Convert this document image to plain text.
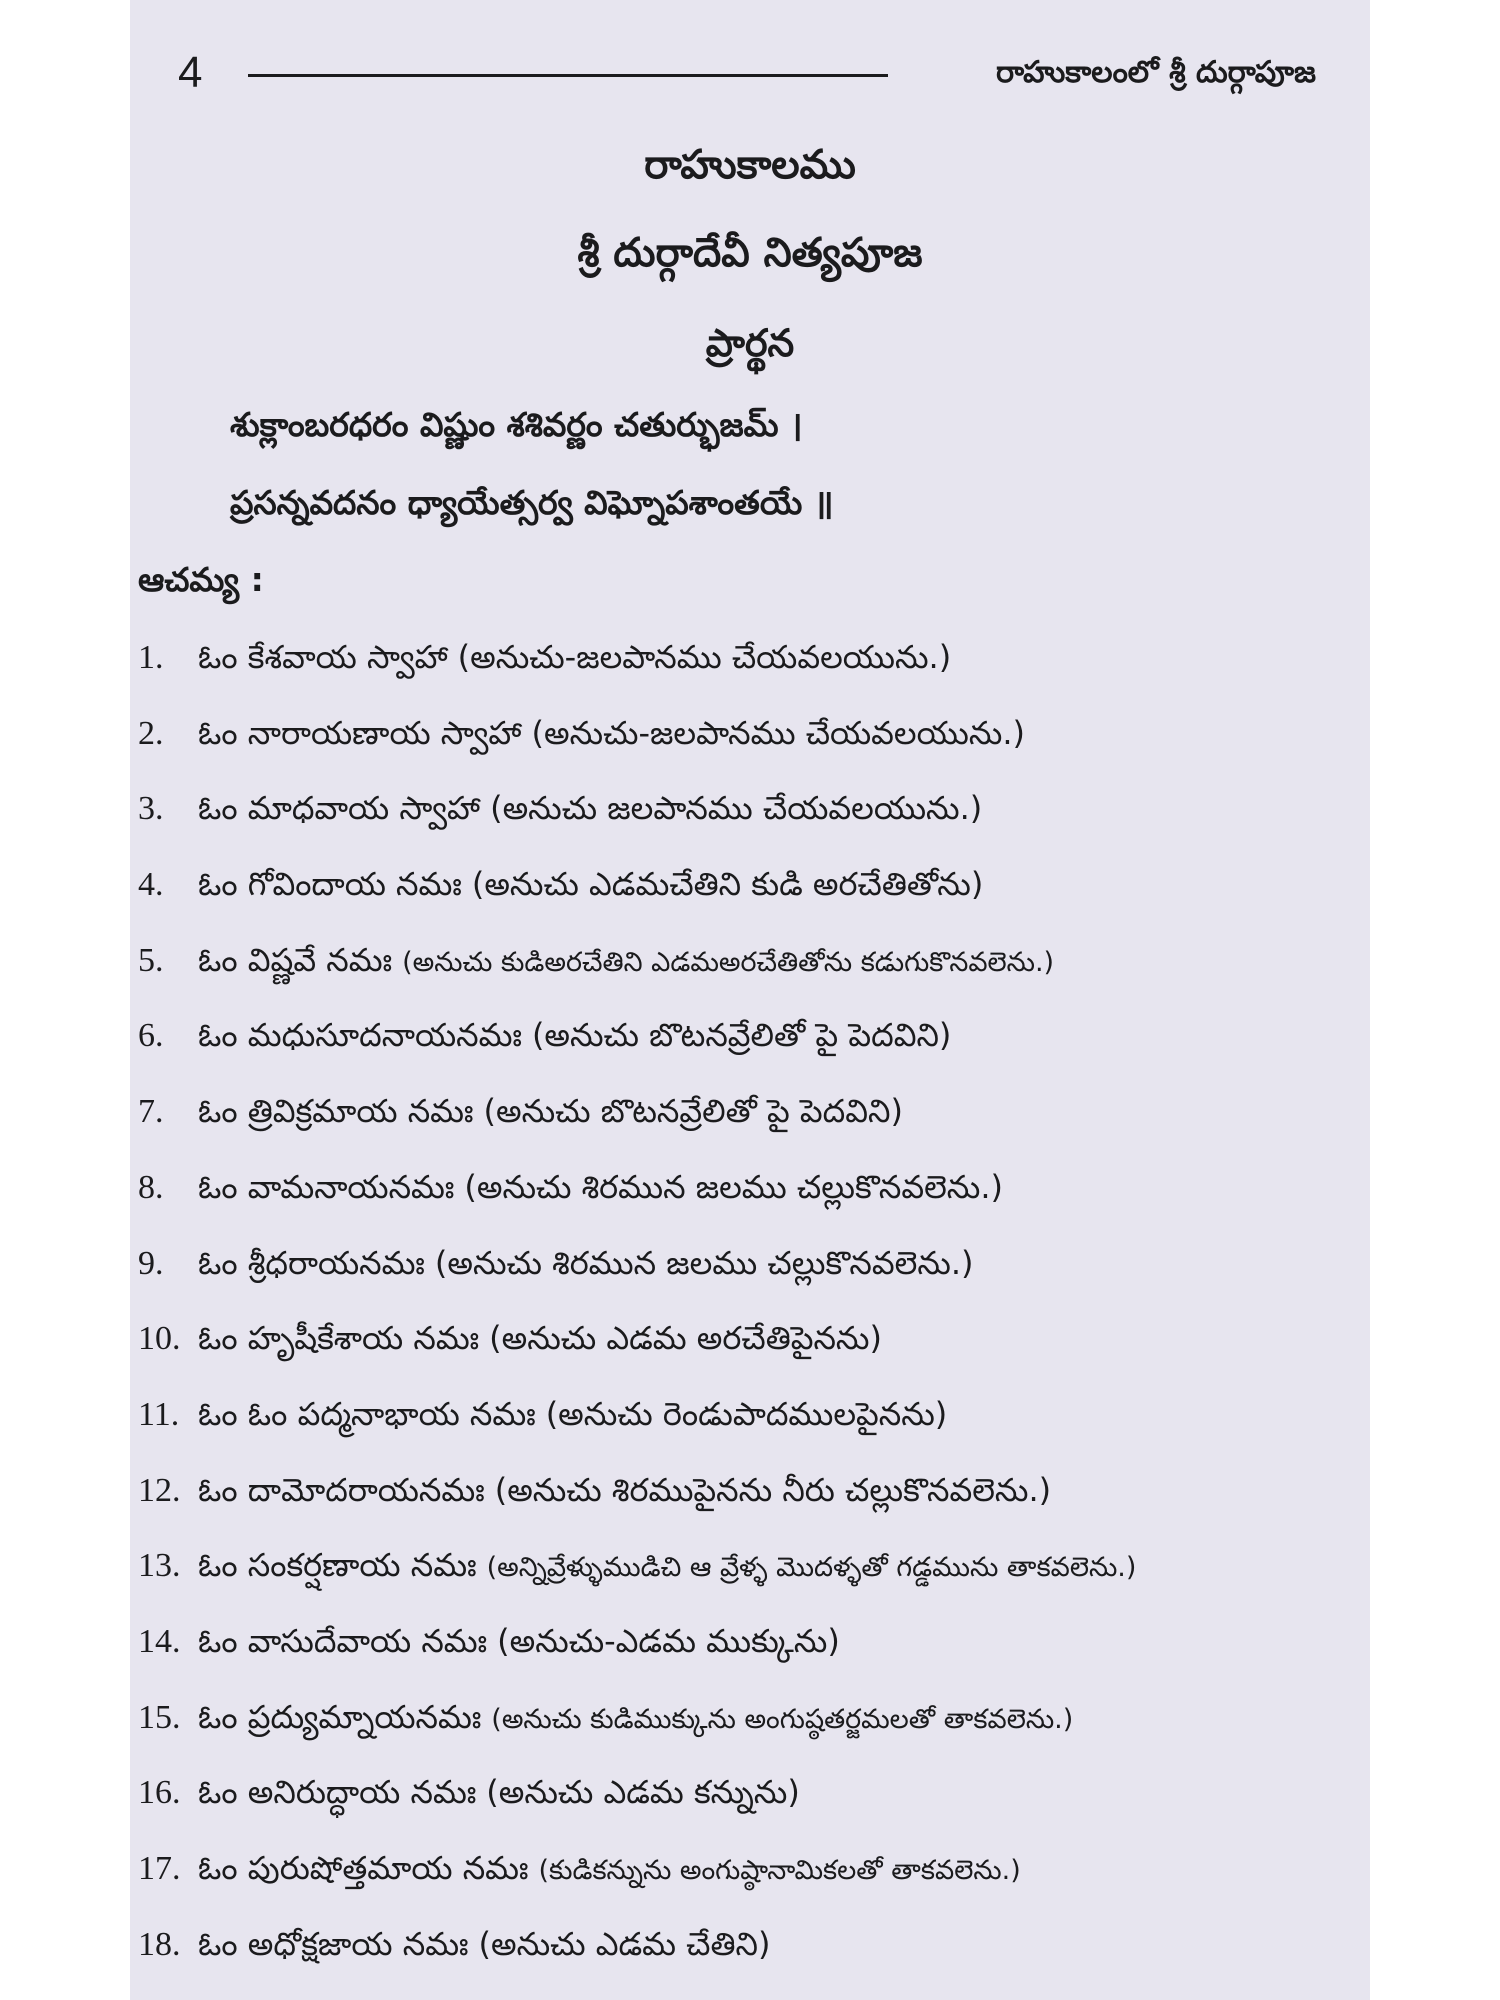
4	రాహుకాలంలో శ్రీ దుర్గాపూజ
రాహుకాలము
శ్రీ దుర్గాదేవీ నిత్యపూజ
ప్రార్థన
శుక్లాంబరధరం విష్ణుం శశివర్ణం చతుర్భుజమ్ ।
ప్రసన్నవదనం ధ్యాయేత్సర్వ విఘ్నోపశాంతయే ॥
ఆచమ్య :
1. ఓం కేశవాయ స్వాహా (అనుచు-జలపానము చేయవలయును.)
2. ఓం నారాయణాయ స్వాహా (అనుచు-జలపానము చేయవలయును.)
3. ఓం మాధవాయ స్వాహా (అనుచు జలపానము చేయవలయును.)
4. ఓం గోవిందాయ నమః (అనుచు ఎడమచేతిని కుడి అరచేతితోను)
5. ఓం విష్ణవే నమః (అనుచు కుడిఅరచేతిని ఎడమఅరచేతితోను కడుగుకొనవలెను.)
6. ఓం మధుసూదనాయనమః (అనుచు బొటనవ్రేలితో పై పెదవిని)
7. ఓం త్రివిక్రమాయ నమః (అనుచు బొటనవ్రేలితో పై పెదవిని)
8. ఓం వామనాయనమః (అనుచు శిరమున జలము చల్లుకొనవలెను.)
9. ఓం శ్రీధరాయనమః (అనుచు శిరమున జలము చల్లుకొనవలెను.)
10. ఓం హృషీకేశాయ నమః (అనుచు ఎడమ అరచేతిపైనను)
11. ఓం ఓం పద్మనాభాయ నమః (అనుచు రెండుపాదములపైనను)
12. ఓం దామోదరాయనమః (అనుచు శిరముపైనను నీరు చల్లుకొనవలెను.)
13. ఓం సంకర్షణాయ నమః (అన్నివ్రేళ్ళుముడిచి ఆ వ్రేళ్ళ మొదళ్ళతో గడ్డమును తాకవలెను.)
14. ఓం వాసుదేవాయ నమః (అనుచు-ఎడమ ముక్కును)
15. ఓం ప్రద్యుమ్నాయనమః (అనుచు కుడిముక్కును అంగుష్ఠతర్జమలతో తాకవలెను.)
16. ఓం అనిరుద్ధాయ నమః (అనుచు ఎడమ కన్నును)
17. ఓం పురుషోత్తమాయ నమః (కుడికన్నును అంగుష్ఠానామికలతో తాకవలెను.)
18. ఓం అధోక్షజాయ నమః (అనుచు ఎడమ చేతిని)
